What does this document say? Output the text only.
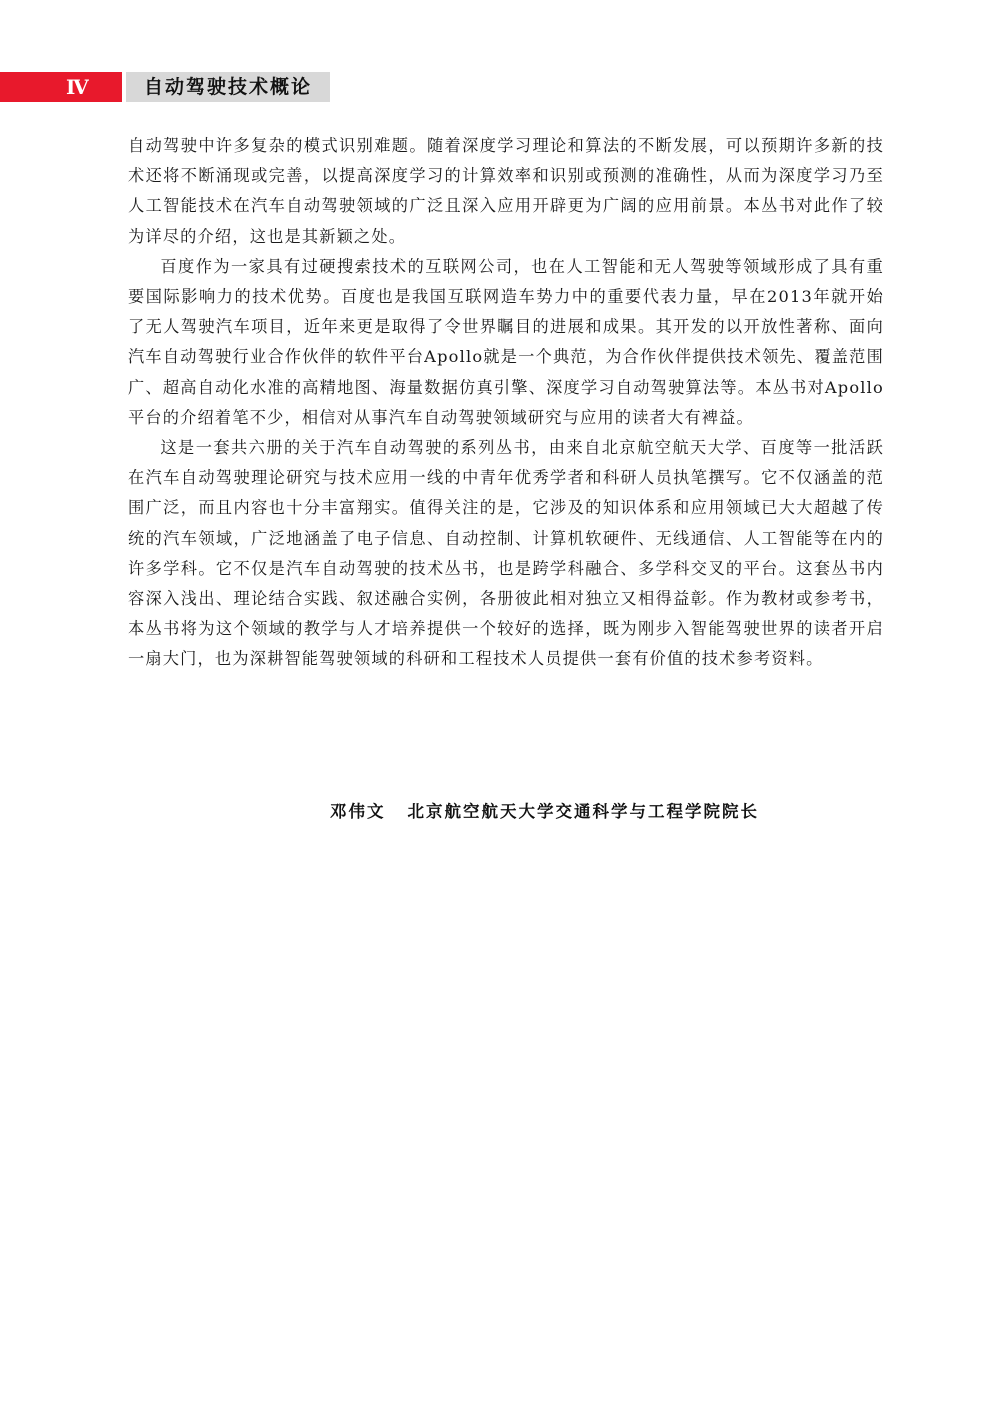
Ⅳ	自动驾驶技术概论

自动驾驶中许多复杂的模式识别难题。随着深度学习理论和算法的不断发展，可以预期许多新的技术还将不断涌现或完善，以提高深度学习的计算效率和识别或预测的准确性，从而为深度学习乃至人工智能技术在汽车自动驾驶领域的广泛且深入应用开辟更为广阔的应用前景。本丛书对此作了较为详尽的介绍，这也是其新颖之处。

百度作为一家具有过硬搜索技术的互联网公司，也在人工智能和无人驾驶等领域形成了具有重要国际影响力的技术优势。百度也是我国互联网造车势力中的重要代表力量，早在2013年就开始了无人驾驶汽车项目，近年来更是取得了令世界瞩目的进展和成果。其开发的以开放性著称、面向汽车自动驾驶行业合作伙伴的软件平台Apollo就是一个典范，为合作伙伴提供技术领先、覆盖范围广、超高自动化水准的高精地图、海量数据仿真引擎、深度学习自动驾驶算法等。本丛书对Apollo平台的介绍着笔不少，相信对从事汽车自动驾驶领域研究与应用的读者大有裨益。

这是一套共六册的关于汽车自动驾驶的系列丛书，由来自北京航空航天大学、百度等一批活跃在汽车自动驾驶理论研究与技术应用一线的中青年优秀学者和科研人员执笔撰写。它不仅涵盖的范围广泛，而且内容也十分丰富翔实。值得关注的是，它涉及的知识体系和应用领域已大大超越了传统的汽车领域，广泛地涵盖了电子信息、自动控制、计算机软硬件、无线通信、人工智能等在内的许多学科。它不仅是汽车自动驾驶的技术丛书，也是跨学科融合、多学科交叉的平台。这套丛书内容深入浅出、理论结合实践、叙述融合实例，各册彼此相对独立又相得益彰。作为教材或参考书，本丛书将为这个领域的教学与人才培养提供一个较好的选择，既为刚步入智能驾驶世界的读者开启一扇大门，也为深耕智能驾驶领域的科研和工程技术人员提供一套有价值的技术参考资料。

邓伟文 北京航空航天大学交通科学与工程学院院长
